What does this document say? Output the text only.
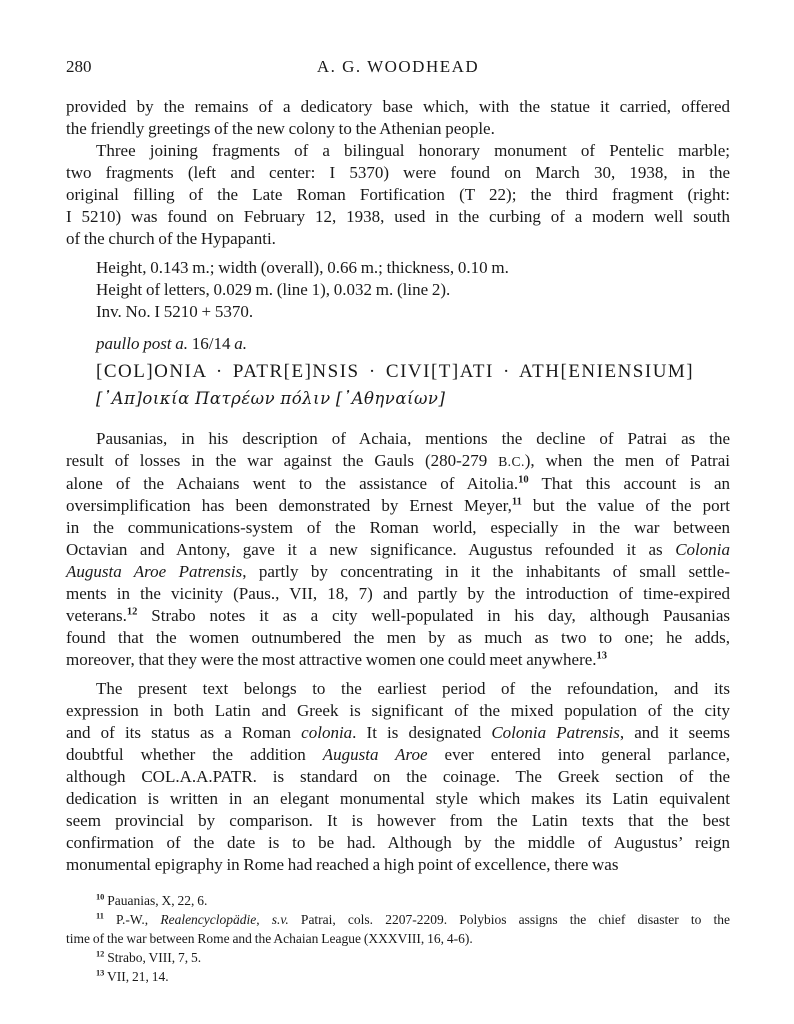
280	A. G. WOODHEAD
provided by the remains of a dedicatory base which, with the statue it carried, offered
the friendly greetings of the new colony to the Athenian people.
Three joining fragments of a bilingual honorary monument of Pentelic marble;
two fragments (left and center: I 5370) were found on March 30, 1938, in the
original filling of the Late Roman Fortification (T 22); the third fragment (right:
I 5210) was found on February 12, 1938, used in the curbing of a modern well south
of the church of the Hypapanti.
Height, 0.143 m.; width (overall), 0.66 m.; thickness, 0.10 m.
Height of letters, 0.029 m. (line 1), 0.032 m. (line 2).
Inv. No. I 5210 + 5370.
paullo post a. 16/14 a.
[COL]ONIA · PATR[E]NSIS · CIVI[T]ATI · ATH[ENIENSIUM]
[᾿Απ]οικία Πατρέων πόλιν [᾿Αθηναίων]
Pausanias, in his description of Achaia, mentions the decline of Patrai as the
result of losses in the war against the Gauls (280-279 B.C.), when the men of Patrai
alone of the Achaians went to the assistance of Aitolia.$^{10}$ That this account is an
oversimplification has been demonstrated by Ernest Meyer,$^{11}$ but the value of the port
in the communications-system of the Roman world, especially in the war between
Octavian and Antony, gave it a new significance. Augustus refounded it as Colonia
Augusta Aroe Patrensis, partly by concentrating in it the inhabitants of small settle-
ments in the vicinity (Paus., VII, 18, 7) and partly by the introduction of time-expired
veterans.$^{12}$ Strabo notes it as a city well-populated in his day, although Pausanias
found that the women outnumbered the men by as much as two to one; he adds,
moreover, that they were the most attractive women one could meet anywhere.$^{13}$
The present text belongs to the earliest period of the refoundation, and its
expression in both Latin and Greek is significant of the mixed population of the city
and of its status as a Roman colonia. It is designated Colonia Patrensis, and it seems
doubtful whether the addition Augusta Aroe ever entered into general parlance,
although COL.A.A.PATR. is standard on the coinage. The Greek section of the
dedication is written in an elegant monumental style which makes its Latin equivalent
seem provincial by comparison. It is however from the Latin texts that the best
confirmation of the date is to be had. Although by the middle of Augustus’ reign
monumental epigraphy in Rome had reached a high point of excellence, there was
$^{10}$ Pauanias, X, 22, 6.
$^{11}$ P.-W., Realencyclopädie, s.v. Patrai, cols. 2207-2209. Polybios assigns the chief disaster to the
time of the war between Rome and the Achaian League (XXXVIII, 16, 4-6).
$^{12}$ Strabo, VIII, 7, 5.
$^{13}$ VII, 21, 14.
